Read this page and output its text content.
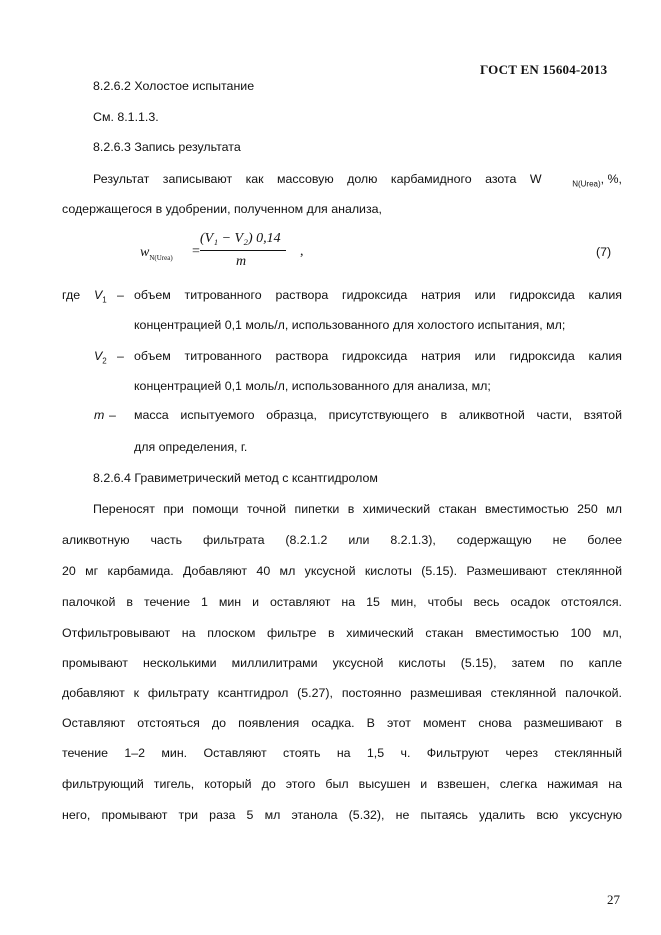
ГОСТ EN 15604-2013
8.2.6.2 Холостое испытание
См. 8.1.1.3.
8.2.6.3 Запись результата
Результат записывают как массовую долю карбамидного азота W	$_{N(Urea)}$, %,
содержащегося в удобрении, полученном для анализа,
$w_{N(Urea)}$ =
(V₁ − V₂) 0,14
m
,	(7)
где $V_1$ – объем титрованного раствора гидроксида натрия или гидроксида калия
концентрацией 0,1 моль/л, использованного для холостого испытания, мл;
$V_2$ – объем титрованного раствора гидроксида натрия или гидроксида калия
концентрацией 0,1 моль/л, использованного для анализа, мл;
m – масса испытуемого образца, присутствующего в аликвотной части, взятой
для определения, г.
8.2.6.4 Гравиметрический метод с ксантгидролом
Переносят при помощи точной пипетки в химический стакан вместимостью 250 мл
аликвотную часть фильтрата (8.2.1.2 или 8.2.1.3), содержащую не более
20 мг карбамида. Добавляют 40 мл уксусной кислоты (5.15). Размешивают стеклянной
палочкой в течение 1 мин и оставляют на 15 мин, чтобы весь осадок отстоялся.
Отфильтровывают на плоском фильтре в химический стакан вместимостью 100 мл,
промывают несколькими миллилитрами уксусной кислоты (5.15), затем по капле
добавляют к фильтрату ксантгидрол (5.27), постоянно размешивая стеклянной палочкой.
Оставляют отстояться до появления осадка. В этот момент снова размешивают в
течение 1–2 мин. Оставляют стоять на 1,5 ч. Фильтруют через стеклянный
фильтрующий тигель, который до этого был высушен и взвешен, слегка нажимая на
него, промывают три раза 5 мл этанола (5.32), не пытаясь удалить всю уксусную
27
